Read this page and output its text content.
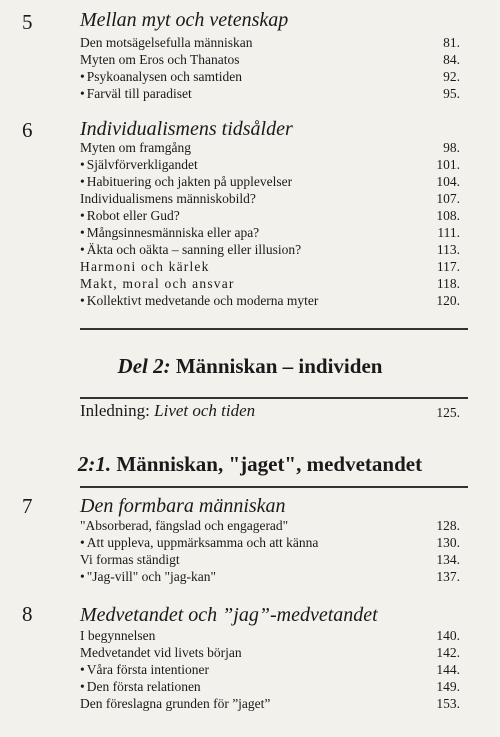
5 Mellan myt och vetenskap
Den motsägelsefulla människan	81.
Myten om Eros och Thanatos	84.
• Psykoanalysen och samtiden	92.
• Farväl till paradiset	95.
6 Individualismens tidsålder
Myten om framgång	98.
• Självförverkligandet	101.
• Habituering och jakten på upplevelser	104.
Individualismens människobild?	107.
• Robot eller Gud?	108.
• Mångsinnesmänniska eller apa?	111.
• Äkta och oäkta – sanning eller illusion?	113.
Harmoni och kärlek	117.
Makt, moral och ansvar	118.
• Kollektivt medvetande och moderna myter	120.
Del 2: Människan – individen
Inledning: Livet och tiden	125.
2:1. Människan, "jaget", medvetandet
7 Den formbara människan
"Absorberad, fängslad och engagerad"	128.
• Att uppleva, uppmärksamma och att känna	130.
Vi formas ständigt	134.
• "Jag-vill" och "jag-kan"	137.
8 Medvetandet och ”jag”-medvetandet
I begynnelsen	140.
Medvetandet vid livets början	142.
• Våra första intentioner	144.
• Den första relationen	149.
Den föreslagna grunden för ”jaget”	153.
